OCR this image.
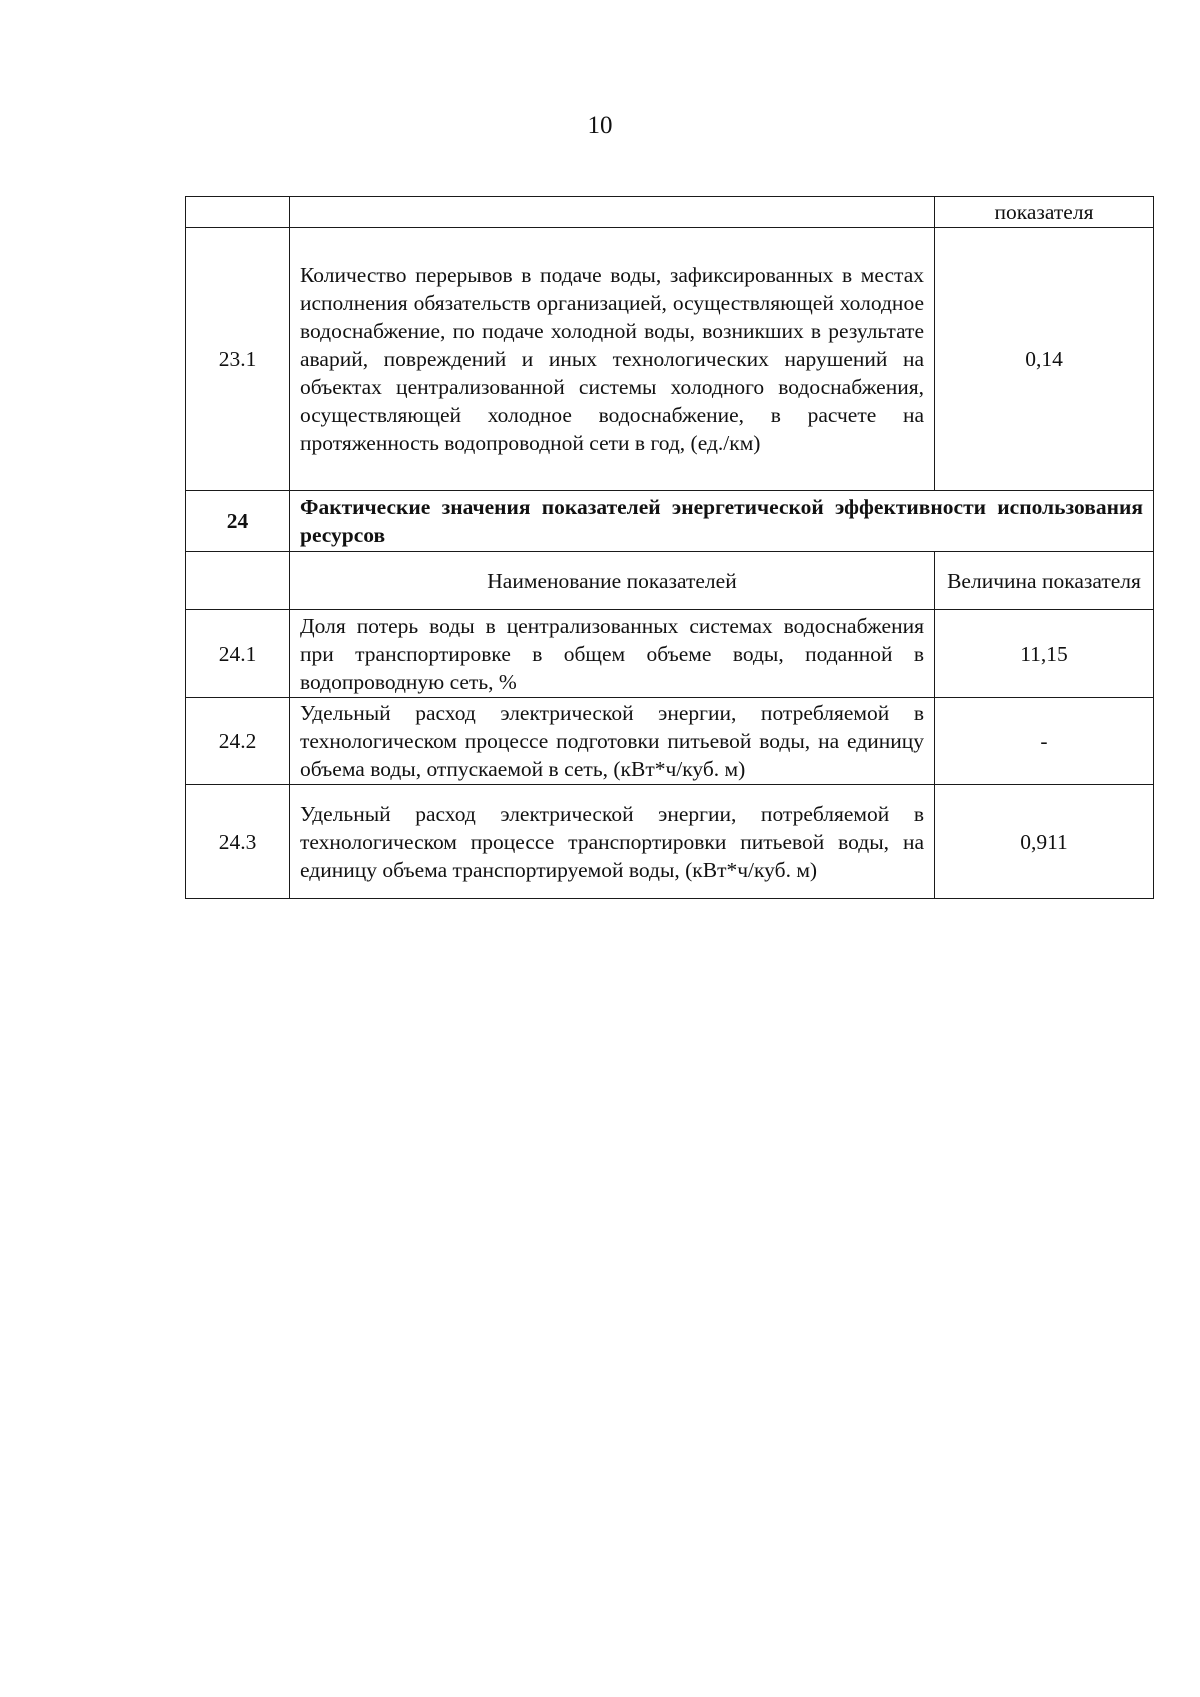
10
		показателя
23.1	Количество перерывов в подаче воды, зафиксированных в местах исполнения обязательств организацией, осуществляющей холодное водоснабжение, по подаче холодной воды, возникших в результате аварий, повреждений и иных технологических нарушений на объектах централизованной системы холодного водоснабжения, осуществляющей холодное водоснабжение, в расчете на протяженность водопроводной сети в год, (ед./км)	0,14
24	Фактические значения показателей энергетической эффективности использования ресурсов	
	Наименование показателей	Величина показателя
24.1	Доля потерь воды в централизованных системах водоснабжения при транспортировке в общем объеме воды, поданной в водопроводную сеть, %	11,15
24.2	Удельный расход электрической энергии, потребляемой в технологическом процессе подготовки питьевой воды, на единицу объема воды, отпускаемой в сеть, (кВт*ч/куб. м)	-
24.3	Удельный расход электрической энергии, потребляемой в технологическом процессе транспортировки питьевой воды, на единицу объема транспортируемой воды, (кВт*ч/куб. м)	0,911
